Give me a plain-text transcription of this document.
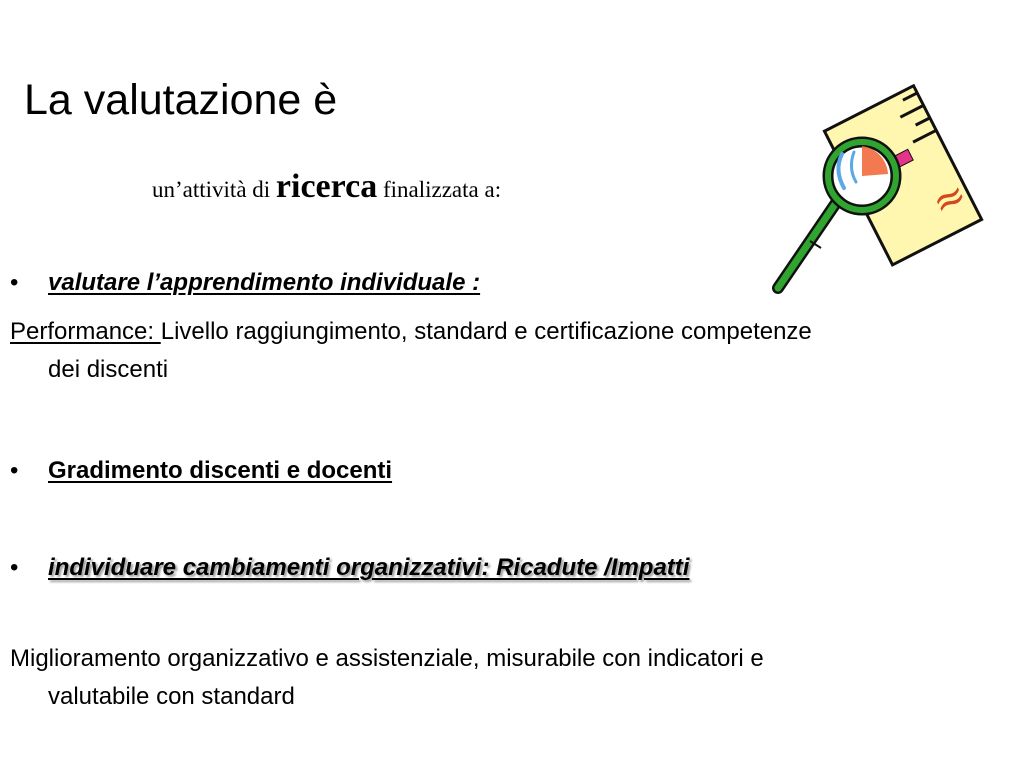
La valutazione è
un’attività di ricerca finalizzata a:
• valutare l’apprendimento individuale :
Performance: Livello raggiungimento, standard e certificazione competenze dei discenti
• Gradimento discenti e docenti
• individuare cambiamenti organizzativi: Ricadute /Impatti
Miglioramento organizzativo e assistenziale, misurabile con indicatori e valutabile con standard
≈
